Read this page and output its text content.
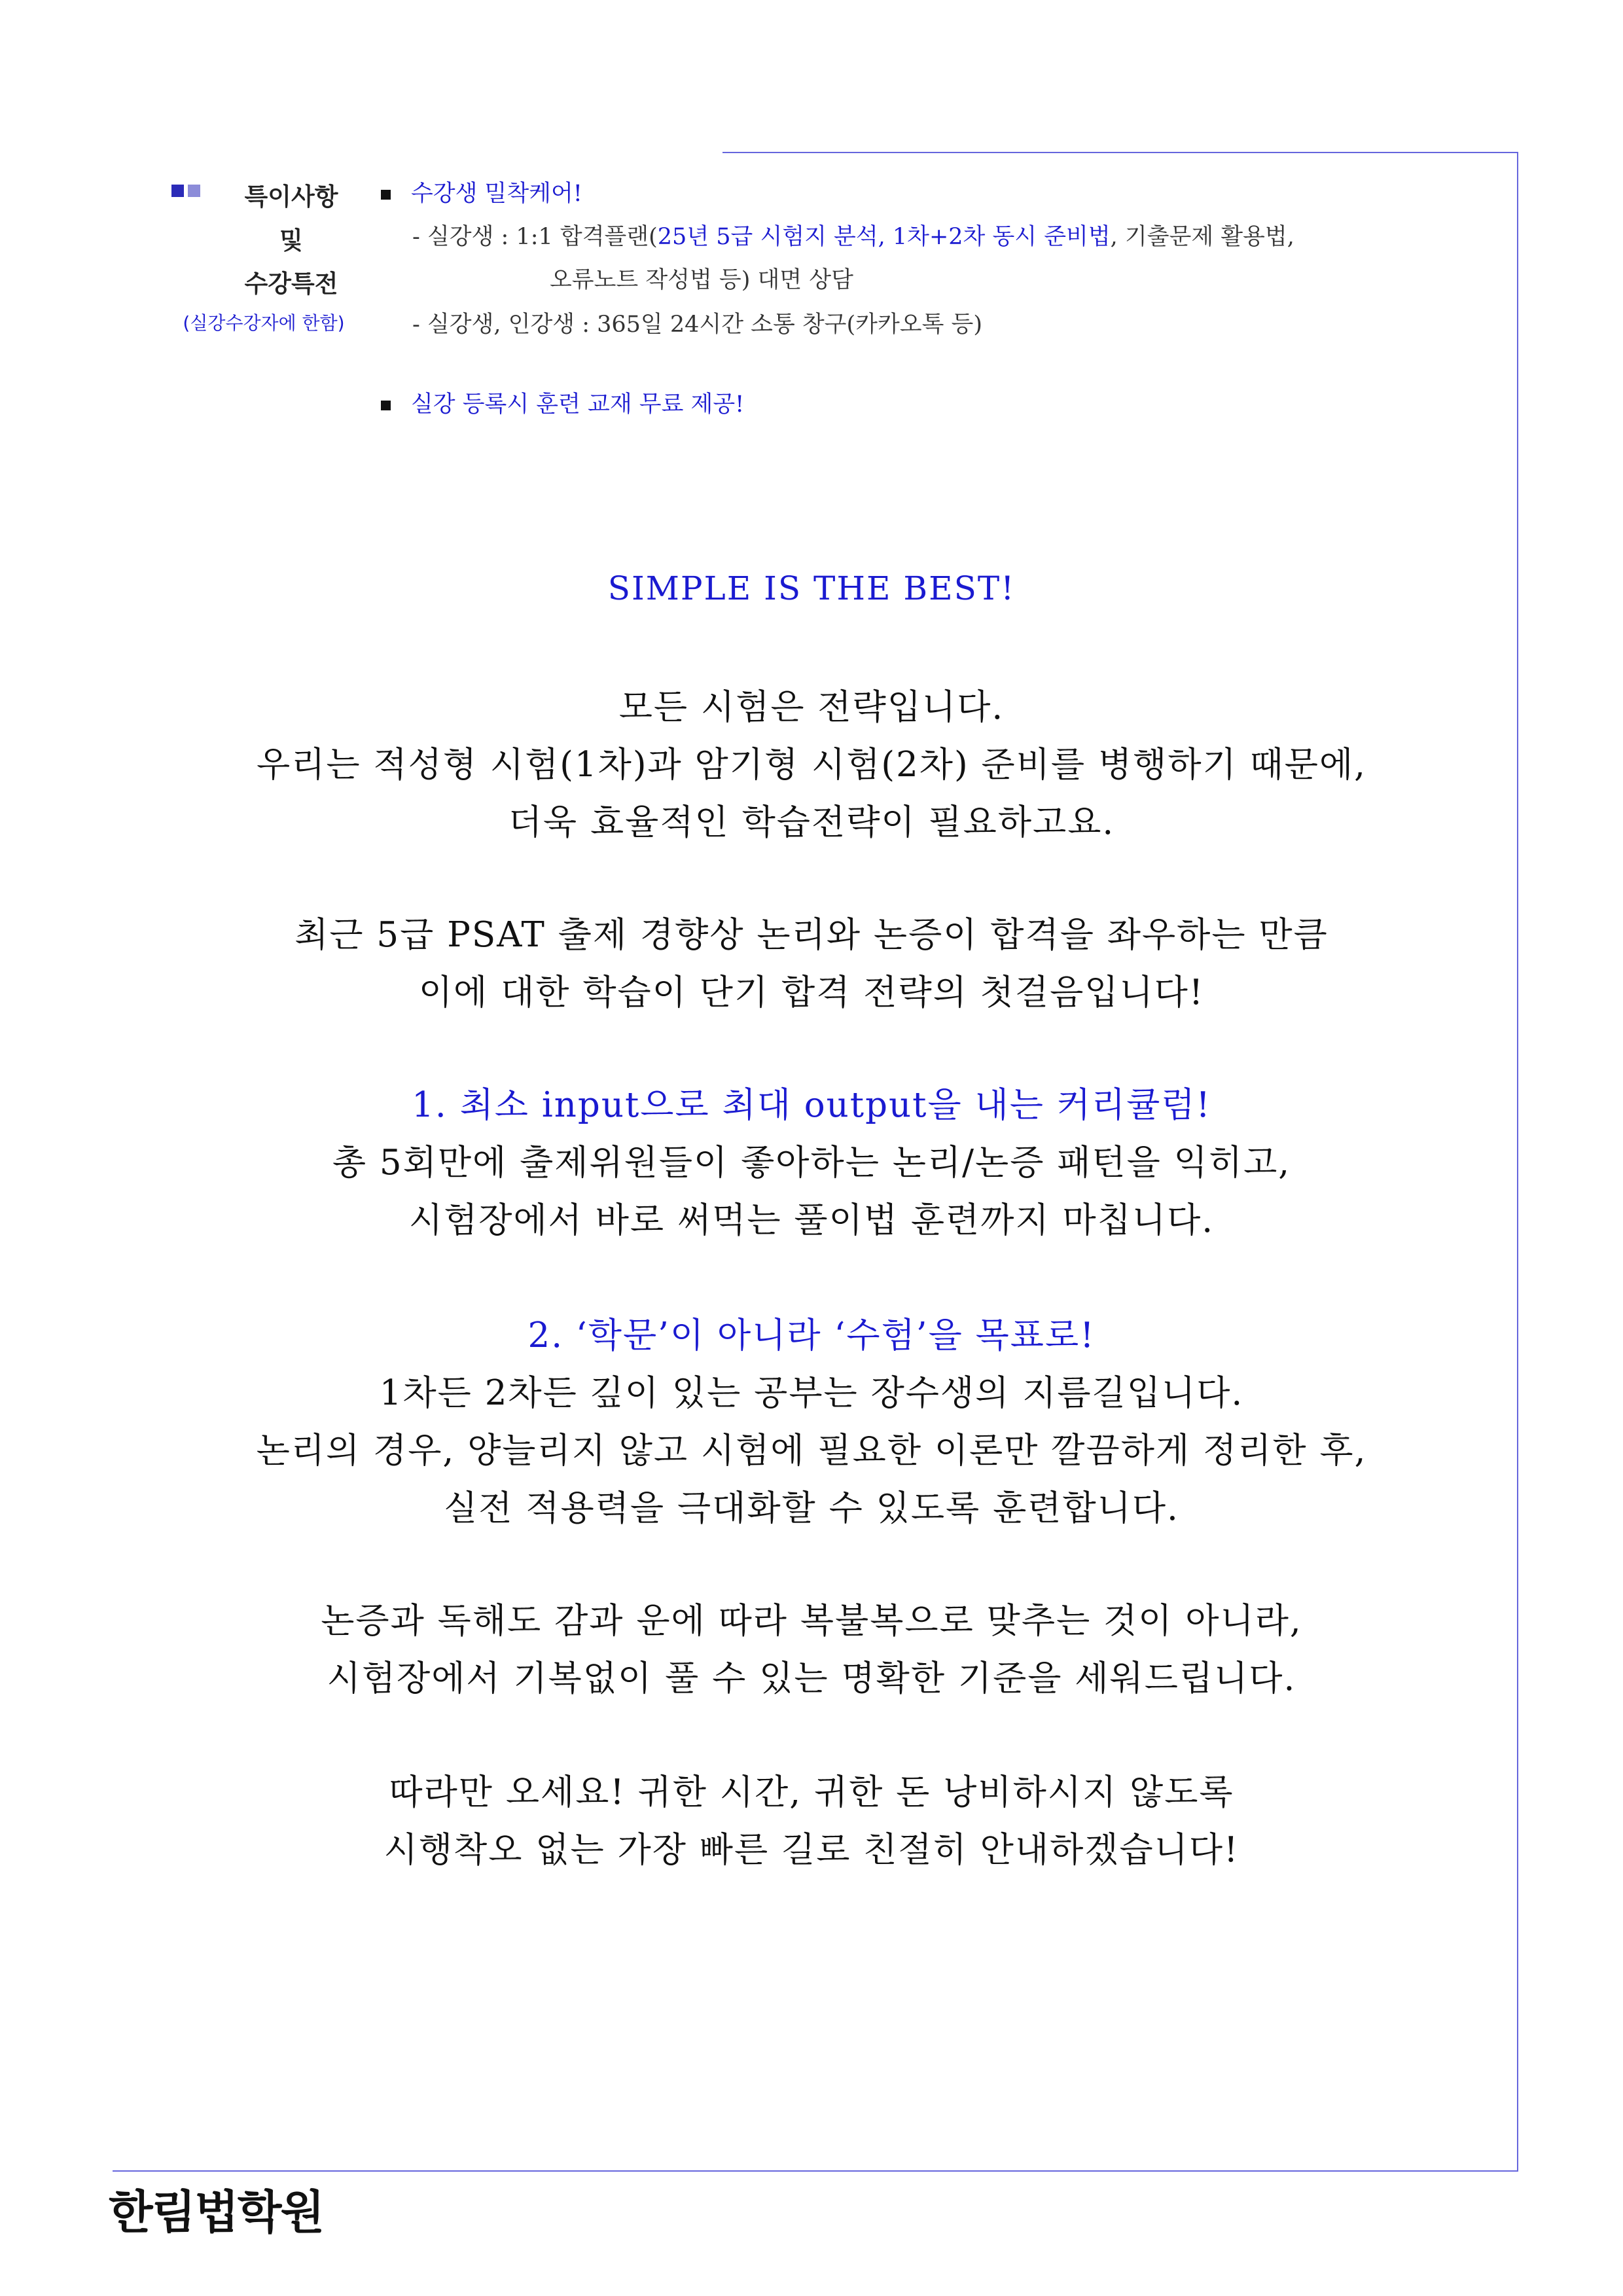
특이사항
및
수강특전
(실강수강자에 한함)
수강생 밀착케어!
- 실강생 : 1:1 합격플랜(25년 5급 시험지 분석, 1차+2차 동시 준비법, 기출문제 활용법,
오류노트 작성법 등) 대면 상담
- 실강생, 인강생 : 365일 24시간 소통 창구(카카오톡 등)
실강 등록시 훈련 교재 무료 제공!
SIMPLE IS THE BEST!
모든 시험은 전략입니다.
우리는 적성형 시험(1차)과 암기형 시험(2차) 준비를 병행하기 때문에,
더욱 효율적인 학습전략이 필요하고요.
최근 5급 PSAT 출제 경향상 논리와 논증이 합격을 좌우하는 만큼
이에 대한 학습이 단기 합격 전략의 첫걸음입니다!
1. 최소 input으로 최대 output을 내는 커리큘럼!
총 5회만에 출제위원들이 좋아하는 논리/논증 패턴을 익히고,
시험장에서 바로 써먹는 풀이법 훈련까지 마칩니다.
2. ‘학문’이 아니라 ‘수험’을 목표로!
1차든 2차든 깊이 있는 공부는 장수생의 지름길입니다.
논리의 경우, 양늘리지 않고 시험에 필요한 이론만 깔끔하게 정리한 후,
실전 적용력을 극대화할 수 있도록 훈련합니다.
논증과 독해도 감과 운에 따라 복불복으로 맞추는 것이 아니라,
시험장에서 기복없이 풀 수 있는 명확한 기준을 세워드립니다.
따라만 오세요! 귀한 시간, 귀한 돈 낭비하시지 않도록
시행착오 없는 가장 빠른 길로 친절히 안내하겠습니다!
한림법학원
